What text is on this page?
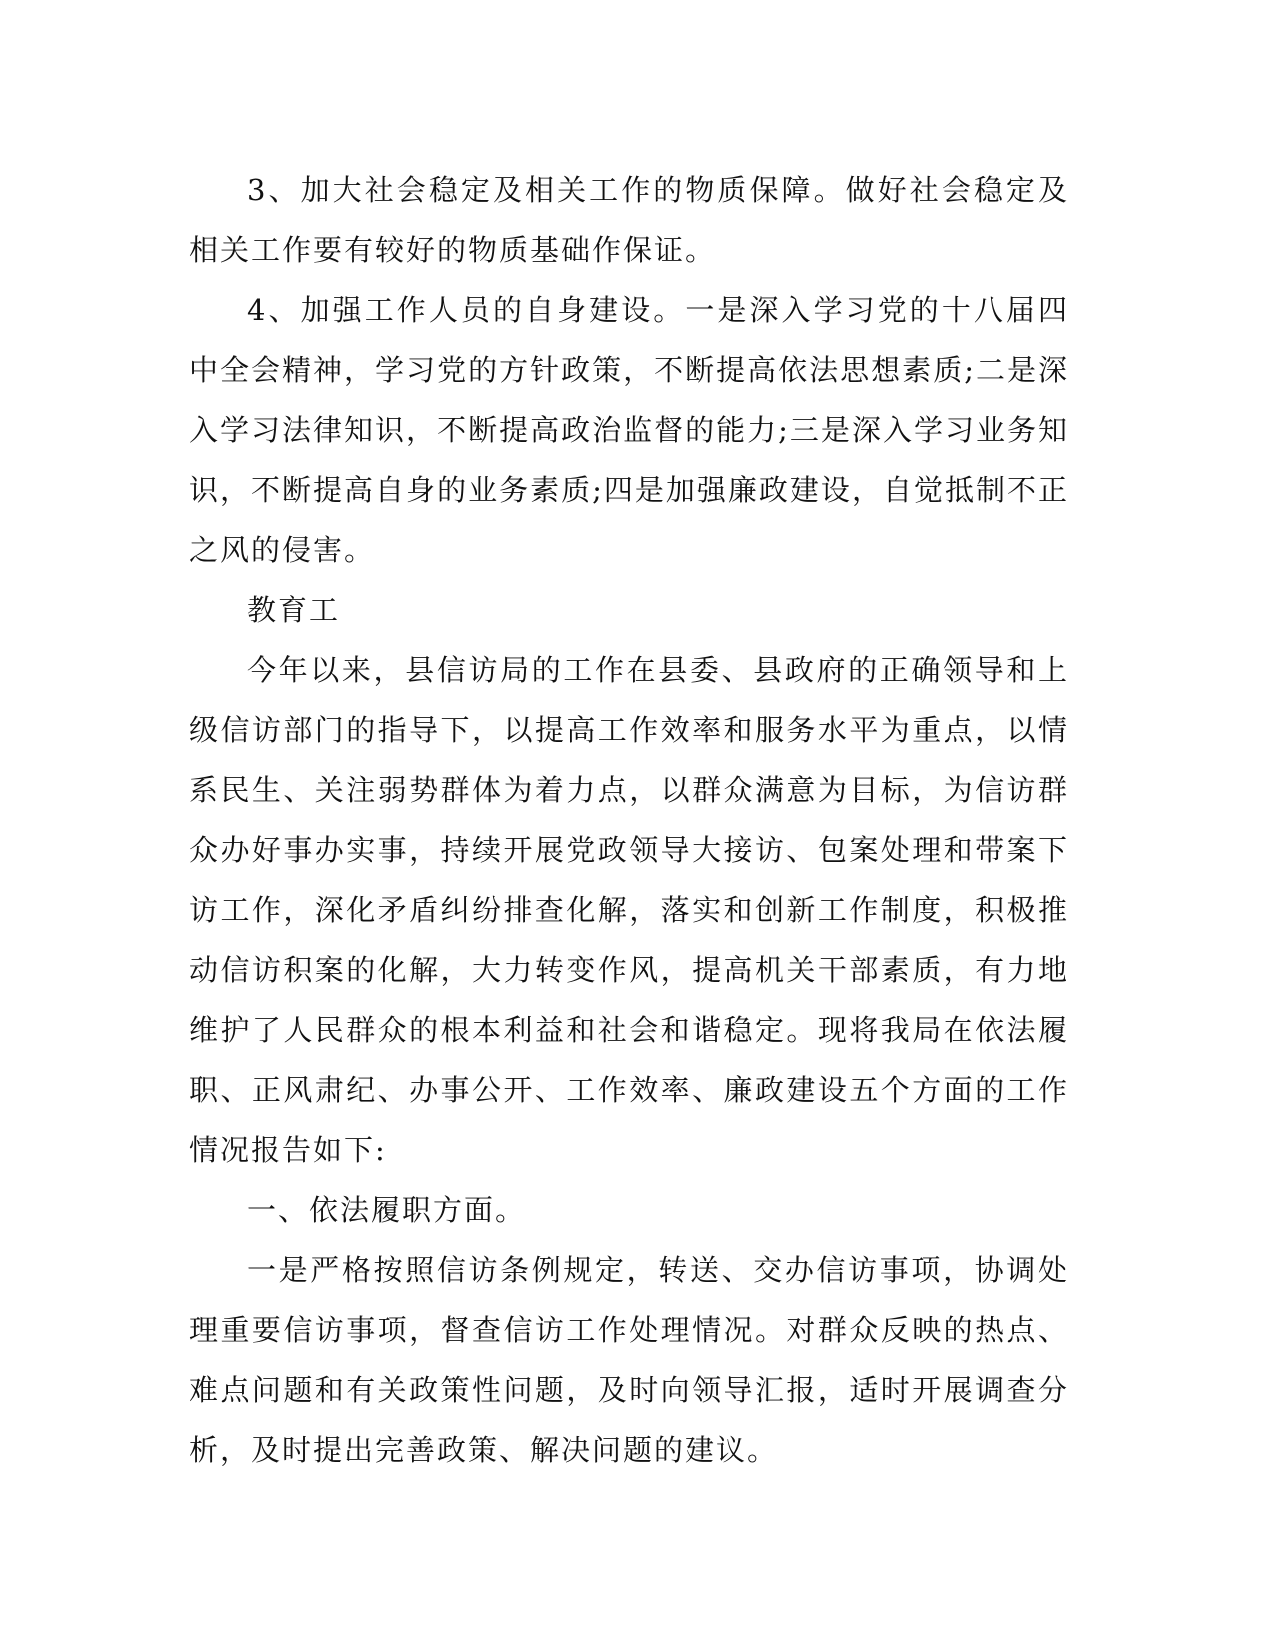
3、加大社会稳定及相关工作的物质保障。做好社会稳定及相关工作要有较好的物质基础作保证。

4、加强工作人员的自身建设。一是深入学习党的十八届四中全会精神，学习党的方针政策，不断提高依法思想素质;二是深入学习法律知识，不断提高政治监督的能力;三是深入学习业务知识，不断提高自身的业务素质;四是加强廉政建设，自觉抵制不正之风的侵害。

教育工

今年以来，县信访局的工作在县委、县政府的正确领导和上级信访部门的指导下，以提高工作效率和服务水平为重点，以情系民生、关注弱势群体为着力点，以群众满意为目标，为信访群众办好事办实事，持续开展党政领导大接访、包案处理和带案下访工作，深化矛盾纠纷排查化解，落实和创新工作制度，积极推动信访积案的化解，大力转变作风，提高机关干部素质，有力地维护了人民群众的根本利益和社会和谐稳定。现将我局在依法履职、正风肃纪、办事公开、工作效率、廉政建设五个方面的工作情况报告如下:

一、依法履职方面。

一是严格按照信访条例规定，转送、交办信访事项，协调处理重要信访事项，督查信访工作处理情况。对群众反映的热点、难点问题和有关政策性问题，及时向领导汇报，适时开展调查分析，及时提出完善政策、解决问题的建议。
